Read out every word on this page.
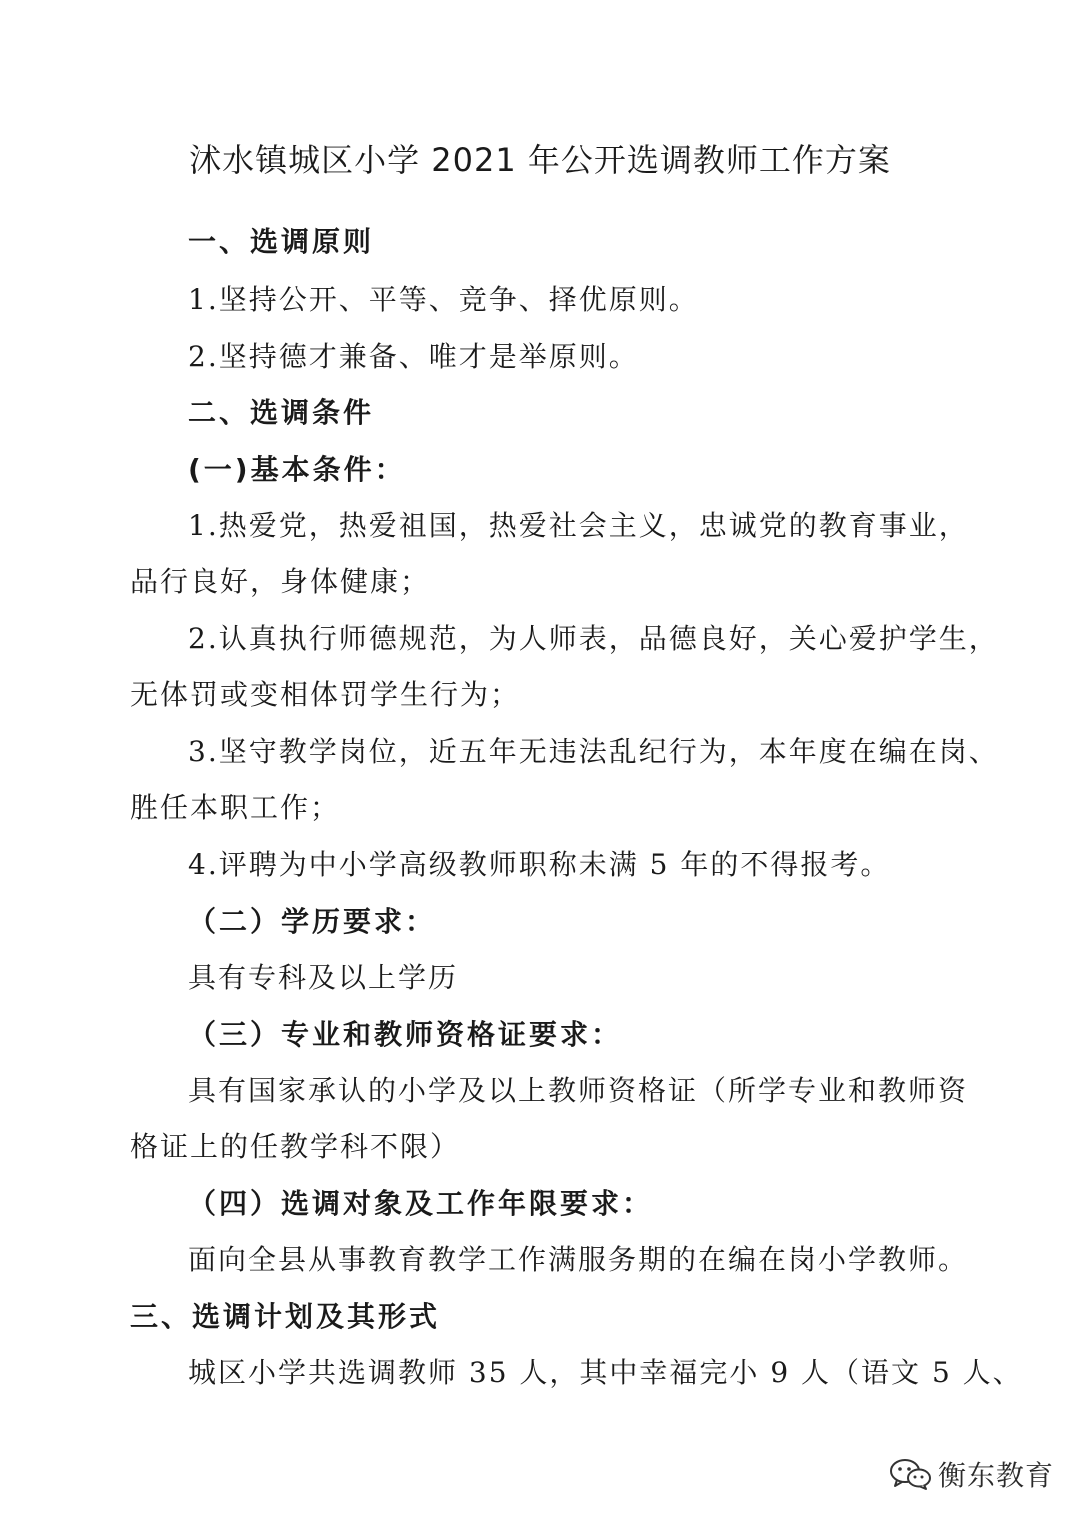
沭水镇城区小学 2021 年公开选调教师工作方案
一、选调原则
1.坚持公开、平等、竞争、择优原则。
2.坚持德才兼备、唯才是举原则。
二、选调条件
(一)基本条件：
1.热爱党，热爱祖国，热爱社会主义，忠诚党的教育事业，
品行良好，身体健康；
2.认真执行师德规范，为人师表，品德良好，关心爱护学生，
无体罚或变相体罚学生行为；
3.坚守教学岗位，近五年无违法乱纪行为，本年度在编在岗、
胜任本职工作；
4.评聘为中小学高级教师职称未满 5 年的不得报考。
（二）学历要求：
具有专科及以上学历
（三）专业和教师资格证要求：
具有国家承认的小学及以上教师资格证（所学专业和教师资
格证上的任教学科不限）
（四）选调对象及工作年限要求：
面向全县从事教育教学工作满服务期的在编在岗小学教师。
三、选调计划及其形式
城区小学共选调教师 35 人，其中幸福完小 9 人（语文 5 人、
衡东教育
